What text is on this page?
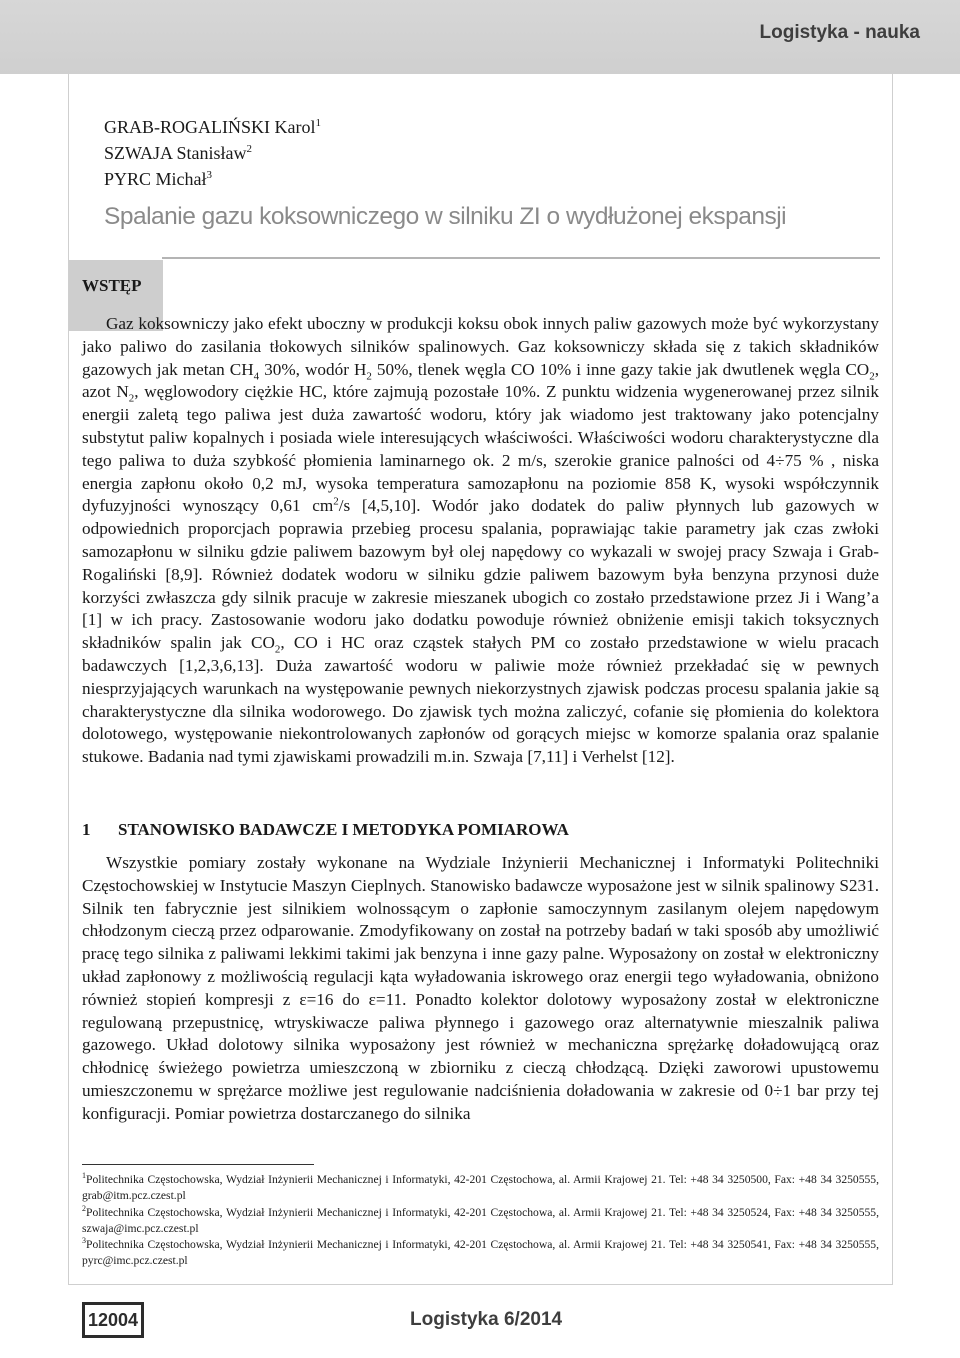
Logistyka - nauka
GRAB-ROGALIŃSKI Karol$^1$
SZWAJA Stanisław$^2$
PYRC Michał$^3$
Spalanie gazu koksowniczego w silniku ZI o wydłużonej ekspansji
WSTĘP
Gaz koksowniczy jako efekt uboczny w produkcji koksu obok innych paliw gazowych może być wykorzystany jako paliwo do zasilania tłokowych silników spalinowych. Gaz koksowniczy składa się z takich składników gazowych jak metan $CH_4$ 30%, wodór $H_2$ 50%, tlenek węgla CO 10% i inne gazy takie jak dwutlenek węgla $CO_2$, azot $N_2$, węglowodory ciężkie HC, które zajmują pozostałe 10%. Z punktu widzenia wygenerowanej przez silnik energii zaletą tego paliwa jest duża zawartość wodoru, który jak wiadomo jest traktowany jako potencjalny substytut paliw kopalnych i posiada wiele interesujących właściwości. Właściwości wodoru charakterystyczne dla tego paliwa to duża szybkość płomienia laminarnego ok. 2 m/s, szerokie granice palności od 4÷75 % , niska energia zapłonu około 0,2 mJ, wysoka temperatura samozapłonu na poziomie 858 K, wysoki współczynnik dyfuzyjności wynoszący 0,61 $cm^2/s$ [4,5,10]. Wodór jako dodatek do paliw płynnych lub gazowych w odpowiednich proporcjach poprawia przebieg procesu spalania, poprawiając takie parametry jak czas zwłoki samozapłonu w silniku gdzie paliwem bazowym był olej napędowy co wykazali w swojej pracy Szwaja i Grab-Rogaliński [8,9]. Również dodatek wodoru w silniku gdzie paliwem bazowym była benzyna przynosi duże korzyści zwłaszcza gdy silnik pracuje w zakresie mieszanek ubogich co zostało przedstawione przez Ji i Wang’a [1] w ich pracy. Zastosowanie wodoru jako dodatku powoduje również obniżenie emisji takich toksycznych składników spalin jak $CO_2$, CO i HC oraz cząstek stałych PM co zostało przedstawione w wielu pracach badawczych [1,2,3,6,13]. Duża zawartość wodoru w paliwie może również przekładać się w pewnych niesprzyjających warunkach na występowanie pewnych niekorzystnych zjawisk podczas procesu spalania jakie są charakterystyczne dla silnika wodorowego. Do zjawisk tych można zaliczyć, cofanie się płomienia do kolektora dolotowego, występowanie niekontrolowanych zapłonów od gorących miejsc w komorze spalania oraz spalanie stukowe. Badania nad tymi zjawiskami prowadzili m.in. Szwaja [7,11] i Verhelst [12].
1 STANOWISKO BADAWCZE I METODYKA POMIAROWA
Wszystkie pomiary zostały wykonane na Wydziale Inżynierii Mechanicznej i Informatyki Politechniki Częstochowskiej w Instytucie Maszyn Cieplnych. Stanowisko badawcze wyposażone jest w silnik spalinowy S231. Silnik ten fabrycznie jest silnikiem wolnossącym o zapłonie samoczynnym zasilanym olejem napędowym chłodzonym cieczą przez odparowanie. Zmodyfikowany on został na potrzeby badań w taki sposób aby umożliwić pracę tego silnika z paliwami lekkimi takimi jak benzyna i inne gazy palne. Wyposażony on został w elektroniczny układ zapłonowy z możliwością regulacji kąta wyładowania iskrowego oraz energii tego wyładowania, obniżono również stopień kompresji z ε=16 do ε=11. Ponadto kolektor dolotowy wyposażony został w elektroniczne regulowaną przepustnicę, wtryskiwacze paliwa płynnego i gazowego oraz alternatywnie mieszalnik paliwa gazowego. Układ dolotowy silnika wyposażony jest również w mechaniczna sprężarkę doładowującą oraz chłodnicę świeżego powietrza umieszczoną w zbiorniku z cieczą chłodzącą. Dzięki zaworowi upustowemu umieszczonemu w sprężarce możliwe jest regulowanie nadciśnienia doładowania w zakresie od 0÷1 bar przy tej konfiguracji. Pomiar powietrza dostarczanego do silnika
$^1$Politechnika Częstochowska, Wydział Inżynierii Mechanicznej i Informatyki, 42-201 Częstochowa, al. Armii Krajowej 21. Tel: +48 34 3250500, Fax: +48 34 3250555, grab@itm.pcz.czest.pl
$^2$Politechnika Częstochowska, Wydział Inżynierii Mechanicznej i Informatyki, 42-201 Częstochowa, al. Armii Krajowej 21. Tel: +48 34 3250524, Fax: +48 34 3250555, szwaja@imc.pcz.czest.pl
$^3$Politechnika Częstochowska, Wydział Inżynierii Mechanicznej i Informatyki, 42-201 Częstochowa, al. Armii Krajowej 21. Tel: +48 34 3250541, Fax: +48 34 3250555, pyrc@imc.pcz.czest.pl
12004	Logistyka 6/2014
